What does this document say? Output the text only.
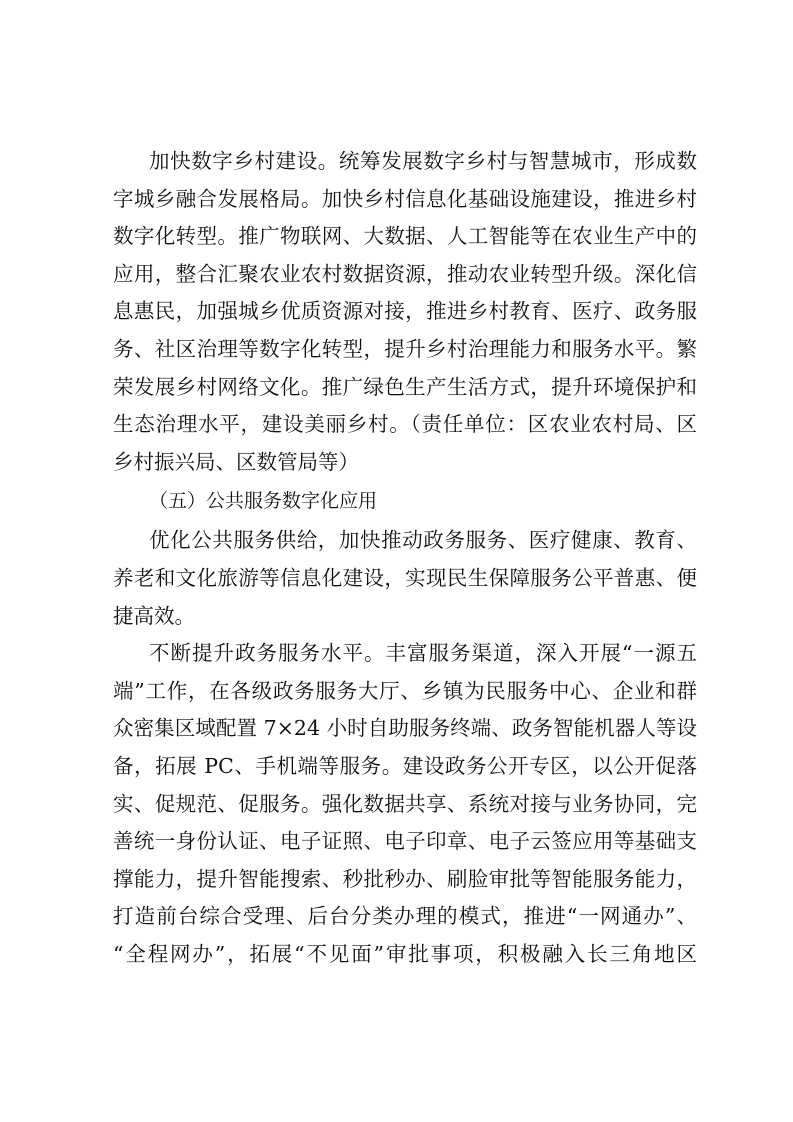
加快数字乡村建设。统筹发展数字乡村与智慧城市，形成数
字城乡融合发展格局。加快乡村信息化基础设施建设，推进乡村
数字化转型。推广物联网、大数据、人工智能等在农业生产中的
应用，整合汇聚农业农村数据资源，推动农业转型升级。深化信
息惠民，加强城乡优质资源对接，推进乡村教育、医疗、政务服
务、社区治理等数字化转型，提升乡村治理能力和服务水平。繁
荣发展乡村网络文化。推广绿色生产生活方式，提升环境保护和
生态治理水平，建设美丽乡村。（责任单位：区农业农村局、区
乡村振兴局、区数管局等）
（五）公共服务数字化应用
优化公共服务供给，加快推动政务服务、医疗健康、教育、
养老和文化旅游等信息化建设，实现民生保障服务公平普惠、便
捷高效。
不断提升政务服务水平。丰富服务渠道，深入开展“一源五
端”工作，在各级政务服务大厅、乡镇为民服务中心、企业和群
众密集区域配置 7×24 小时自助服务终端、政务智能机器人等设
备，拓展 PC、手机端等服务。建设政务公开专区，以公开促落
实、促规范、促服务。强化数据共享、系统对接与业务协同，完
善统一身份认证、电子证照、电子印章、电子云签应用等基础支
撑能力，提升智能搜索、秒批秒办、刷脸审批等智能服务能力，
打造前台综合受理、后台分类办理的模式，推进“一网通办”、
“全程网办”，拓展“不见面”审批事项，积极融入长三角地区
